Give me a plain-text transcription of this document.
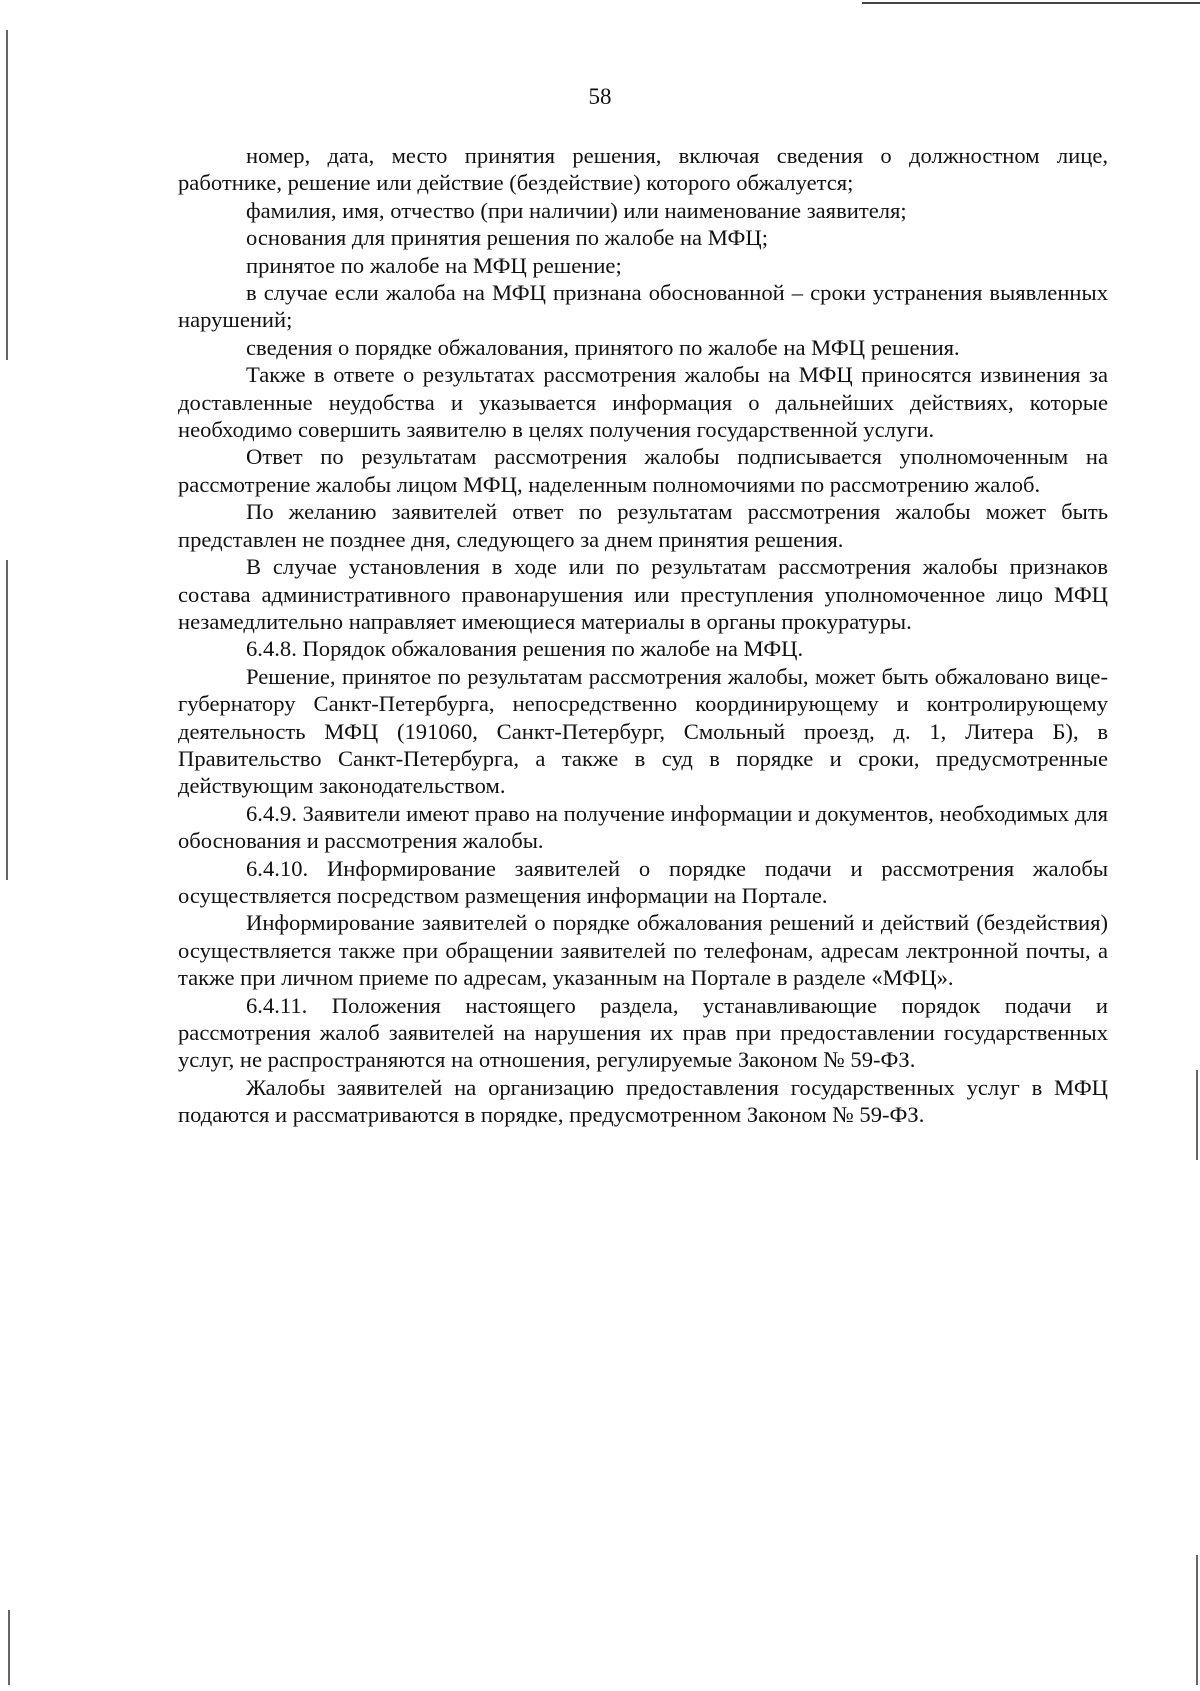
58

номер, дата, место принятия решения, включая сведения о должностном лице, работнике, решение или действие (бездействие) которого обжалуется;

фамилия, имя, отчество (при наличии) или наименование заявителя;

основания для принятия решения по жалобе на МФЦ;

принятое по жалобе на МФЦ решение;

в случае если жалоба на МФЦ признана обоснованной – сроки устранения выявленных нарушений;

сведения о порядке обжалования, принятого по жалобе на МФЦ решения.

Также в ответе о результатах рассмотрения жалобы на МФЦ приносятся извинения за доставленные неудобства и указывается информация о дальнейших действиях, которые необходимо совершить заявителю в целях получения государственной услуги.

Ответ по результатам рассмотрения жалобы подписывается уполномоченным на рассмотрение жалобы лицом МФЦ, наделенным полномочиями по рассмотрению жалоб.

По желанию заявителей ответ по результатам рассмотрения жалобы может быть представлен не позднее дня, следующего за днем принятия решения.

В случае установления в ходе или по результатам рассмотрения жалобы признаков состава административного правонарушения или преступления уполномоченное лицо МФЦ незамедлительно направляет имеющиеся материалы в органы прокуратуры.

6.4.8. Порядок обжалования решения по жалобе на МФЦ.

Решение, принятое по результатам рассмотрения жалобы, может быть обжаловано вице-губернатору Санкт-Петербурга, непосредственно координирующему и контролирующему деятельность МФЦ (191060, Санкт-Петербург, Смольный проезд, д. 1, Литера Б), в Правительство Санкт-Петербурга, а также в суд в порядке и сроки, предусмотренные действующим законодательством.

6.4.9. Заявители имеют право на получение информации и документов, необходимых для обоснования и рассмотрения жалобы.

6.4.10. Информирование заявителей о порядке подачи и рассмотрения жалобы осуществляется посредством размещения информации на Портале.

Информирование заявителей о порядке обжалования решений и действий (бездействия) осуществляется также при обращении заявителей по телефонам, адресам лектронной почты, а также при личном приеме по адресам, указанным на Портале в разделе «МФЦ».

6.4.11. Положения настоящего раздела, устанавливающие порядок подачи и рассмотрения жалоб заявителей на нарушения их прав при предоставлении государственных услуг, не распространяются на отношения, регулируемые Законом № 59-ФЗ.

Жалобы заявителей на организацию предоставления государственных услуг в МФЦ подаются и рассматриваются в порядке, предусмотренном Законом № 59-ФЗ.
